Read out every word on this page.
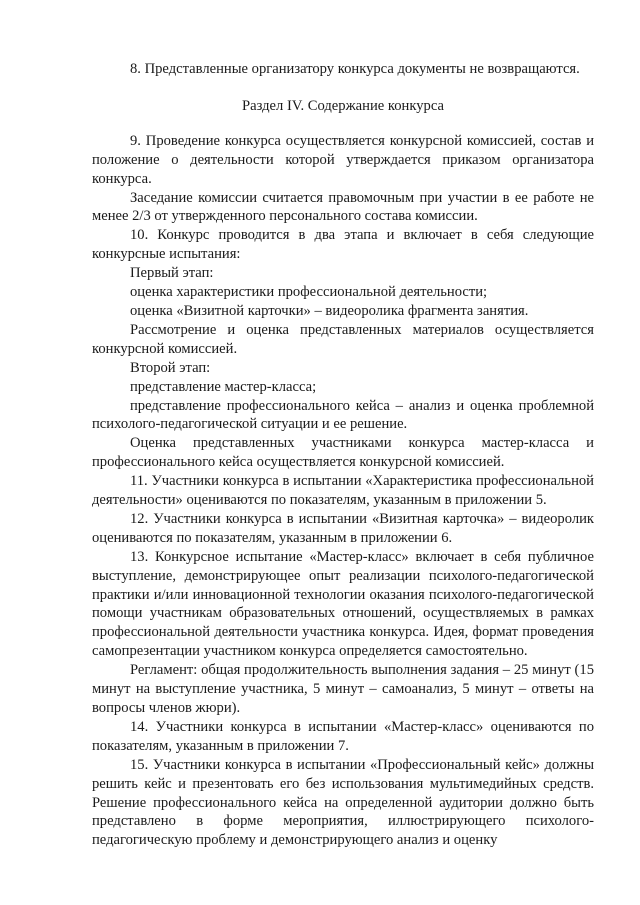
8. Представленные организатору конкурса документы не возвращаются.

Раздел IV. Содержание конкурса

9. Проведение конкурса осуществляется конкурсной комиссией, состав и положение о деятельности которой утверждается приказом организатора конкурса.

Заседание комиссии считается правомочным при участии в ее работе не менее 2/3 от утвержденного персонального состава комиссии.

10. Конкурс проводится в два этапа и включает в себя следующие конкурсные испытания:

Первый этап:

оценка характеристики профессиональной деятельности;

оценка «Визитной карточки» – видеоролика фрагмента занятия.

Рассмотрение и оценка представленных материалов осуществляется конкурсной комиссией.

Второй этап:

представление мастер-класса;

представление профессионального кейса – анализ и оценка проблемной психолого-педагогической ситуации и ее решение.

Оценка представленных участниками конкурса мастер-класса и профессионального кейса осуществляется конкурсной комиссией.

11. Участники конкурса в испытании «Характеристика профессиональной деятельности» оцениваются по показателям, указанным в приложении 5.

12. Участники конкурса в испытании «Визитная карточка» – видеоролик оцениваются по показателям, указанным в приложении 6.

13. Конкурсное испытание «Мастер-класс» включает в себя публичное выступление, демонстрирующее опыт реализации психолого-педагогической практики и/или инновационной технологии оказания психолого-педагогической помощи участникам образовательных отношений, осуществляемых в рамках профессиональной деятельности участника конкурса. Идея, формат проведения самопрезентации участником конкурса определяется самостоятельно.

Регламент: общая продолжительность выполнения задания – 25 минут (15 минут на выступление участника, 5 минут – самоанализ, 5 минут – ответы на вопросы членов жюри).

14. Участники конкурса в испытании «Мастер-класс» оцениваются по показателям, указанным в приложении 7.

15. Участники конкурса в испытании «Профессиональный кейс» должны решить кейс и презентовать его без использования мультимедийных средств. Решение профессионального кейса на определенной аудитории должно быть представлено в форме мероприятия, иллюстрирующего психолого-педагогическую проблему и демонстрирующего анализ и оценку
